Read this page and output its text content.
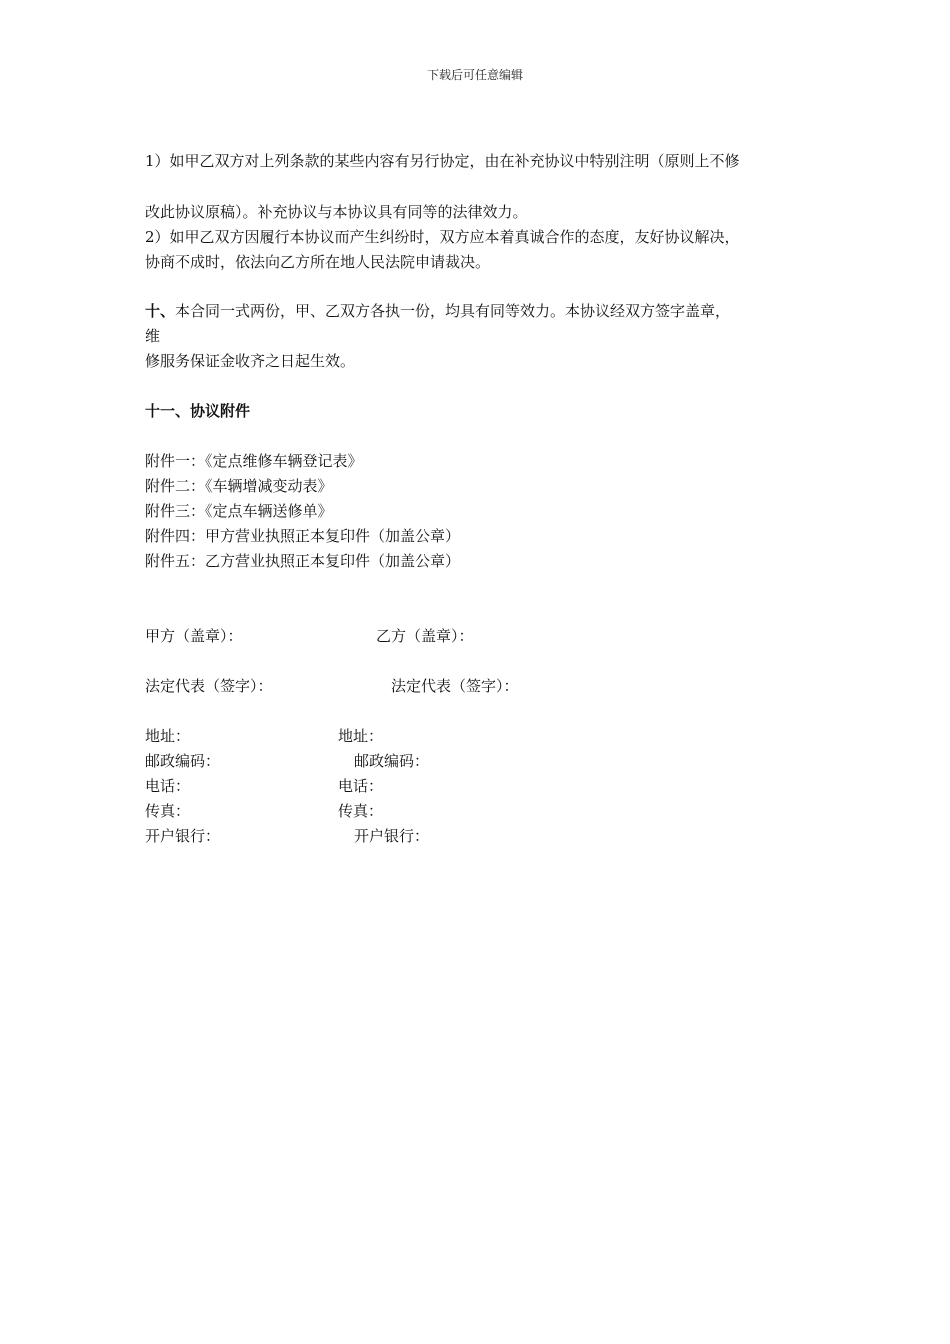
下载后可任意编辑
1）如甲乙双方对上列条款的某些内容有另行协定，由在补充协议中特别注明（原则上不修
改此协议原稿）。补充协议与本协议具有同等的法律效力。
2）如甲乙双方因履行本协议而产生纠纷时，双方应本着真诚合作的态度，友好协议解决，
协商不成时，依法向乙方所在地人民法院申请裁决。
十、本合同一式两份，甲、乙双方各执一份，均具有同等效力。本协议经双方签字盖章，
维
修服务保证金收齐之日起生效。
十一、协议附件
附件一：《定点维修车辆登记表》
附件二：《车辆增减变动表》
附件三：《定点车辆送修单》
附件四：甲方营业执照正本复印件（加盖公章）
附件五：乙方营业执照正本复印件（加盖公章）
甲方（盖章）：	乙方（盖章）：
法定代表（签字）：	法定代表（签字）：
地址：	地址：
邮政编码：	邮政编码：
电话：	电话：
传真：	传真：
开户银行：	开户银行：
